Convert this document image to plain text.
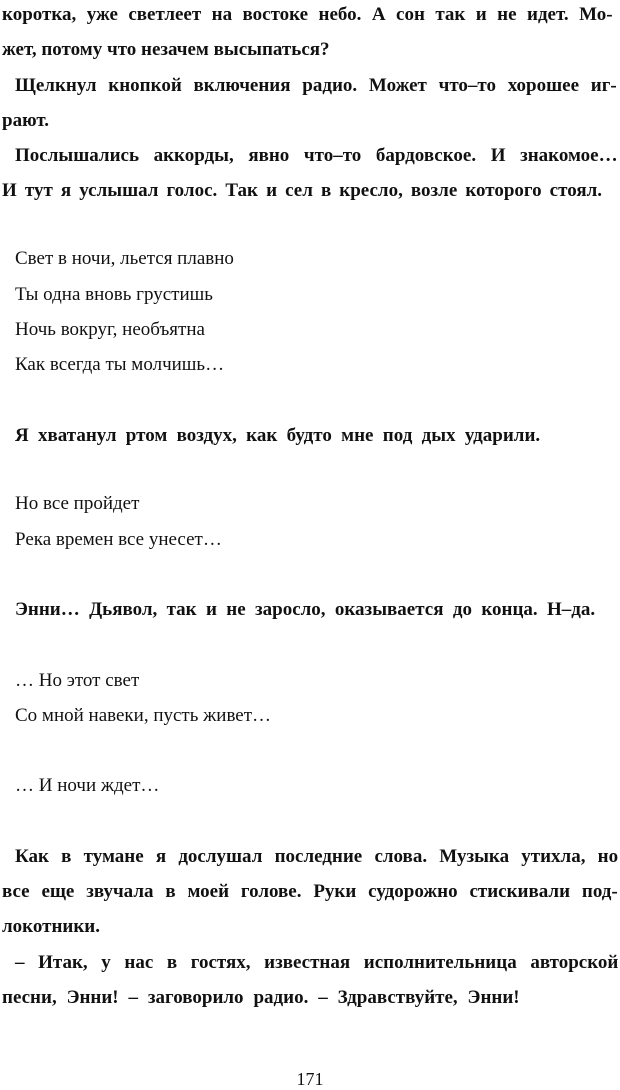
коротка, уже светлеет на востоке небо. А сон так и не идет. Мо-

жет, потому что незачем высыпаться?

Щелкнул кнопкой включения радио. Может что–то хорошее иг-

рают.

Послышались аккорды, явно что–то бардовское. И знакомое…

И тут я услышал голос. Так и сел в кресло, возле которого стоял.

Свет в ночи, льется плавно

Ты одна вновь грустишь

Ночь вокруг, необъятна

Как всегда ты молчишь…

Я хватанул ртом воздух, как будто мне под дых ударили.

Но все пройдет

Река времен все унесет…

Энни… Дьявол, так и не заросло, оказывается до конца. Н–да.

… Но этот свет

Со мной навеки, пусть живет…

… И ночи ждет…

Как в тумане я дослушал последние слова. Музыка утихла, но

все еще звучала в моей голове. Руки судорожно стискивали под-

локотники.

– Итак, у нас в гостях, известная исполнительница авторской

песни, Энни! – заговорило радио. – Здравствуйте, Энни!

171
